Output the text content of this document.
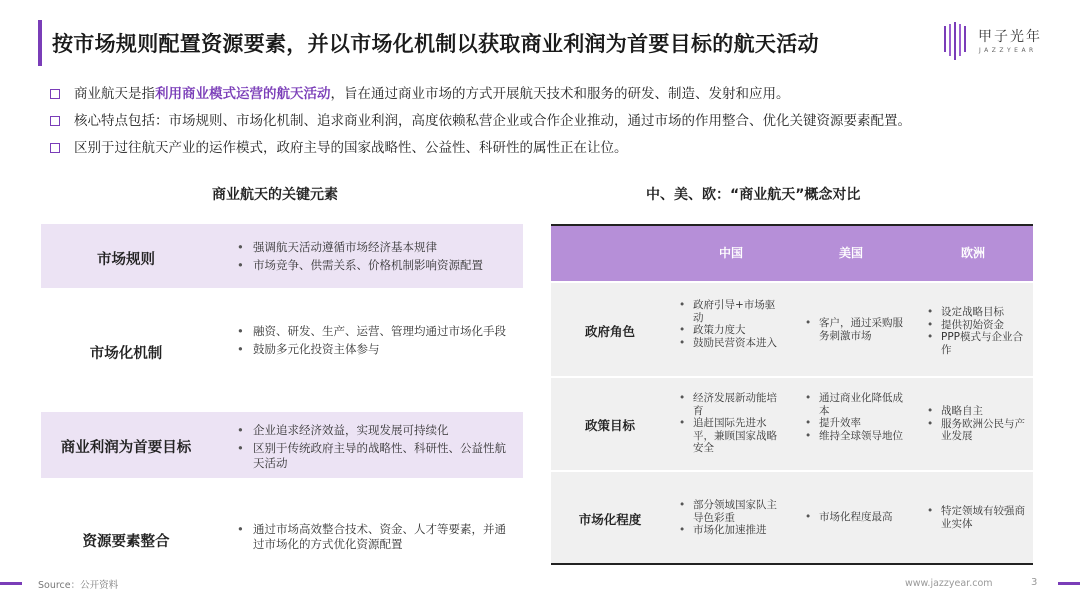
按市场规则配置资源要素，并以市场化机制以获取商业利润为首要目标的航天活动	甲子光年
JAZZYEAR
商业航天是指利用商业模式运营的航天活动，旨在通过商业市场的方式开展航天技术和服务的研发、制造、发射和应用。
核心特点包括：市场规则、市场化机制、追求商业利润，高度依赖私营企业或合作企业推动，通过市场的作用整合、优化关键资源要素配置。
区别于过往航天产业的运作模式，政府主导的国家战略性、公益性、科研性的属性正在让位。
商业航天的关键元素	中、美、欧：“商业航天”概念对比
市场规则
• 强调航天活动遵循市场经济基本规律
• 市场竞争、供需关系、价格机制影响资源配置
市场化机制
• 融资、研发、生产、运营、管理均通过市场化手段
• 鼓励多元化投资主体参与
商业利润为首要目标
• 企业追求经济效益，实现发展可持续化
• 区别于传统政府主导的战略性、科研性、公益性航天活动
资源要素整合
• 通过市场高效整合技术、资金、人才等要素，并通过市场化的方式优化资源配置
中国	美国	欧洲
政府角色
• 政府引导+市场驱动
• 政策力度大
• 鼓励民营资本进入
• 客户，通过采购服务刺激市场
• 设定战略目标
• 提供初始资金
• PPP模式与企业合作
政策目标
• 经济发展新动能培育
• 追赶国际先进水平，兼顾国家战略安全
• 通过商业化降低成本
• 提升效率
• 维持全球领导地位
• 战略自主
• 服务欧洲公民与产业发展
市场化程度
• 部分领域国家队主导色彩重
• 市场化加速推进
• 市场化程度最高
•	特定领域有较强商业实体
Source：公开资料	www.jazzyear.com	3
